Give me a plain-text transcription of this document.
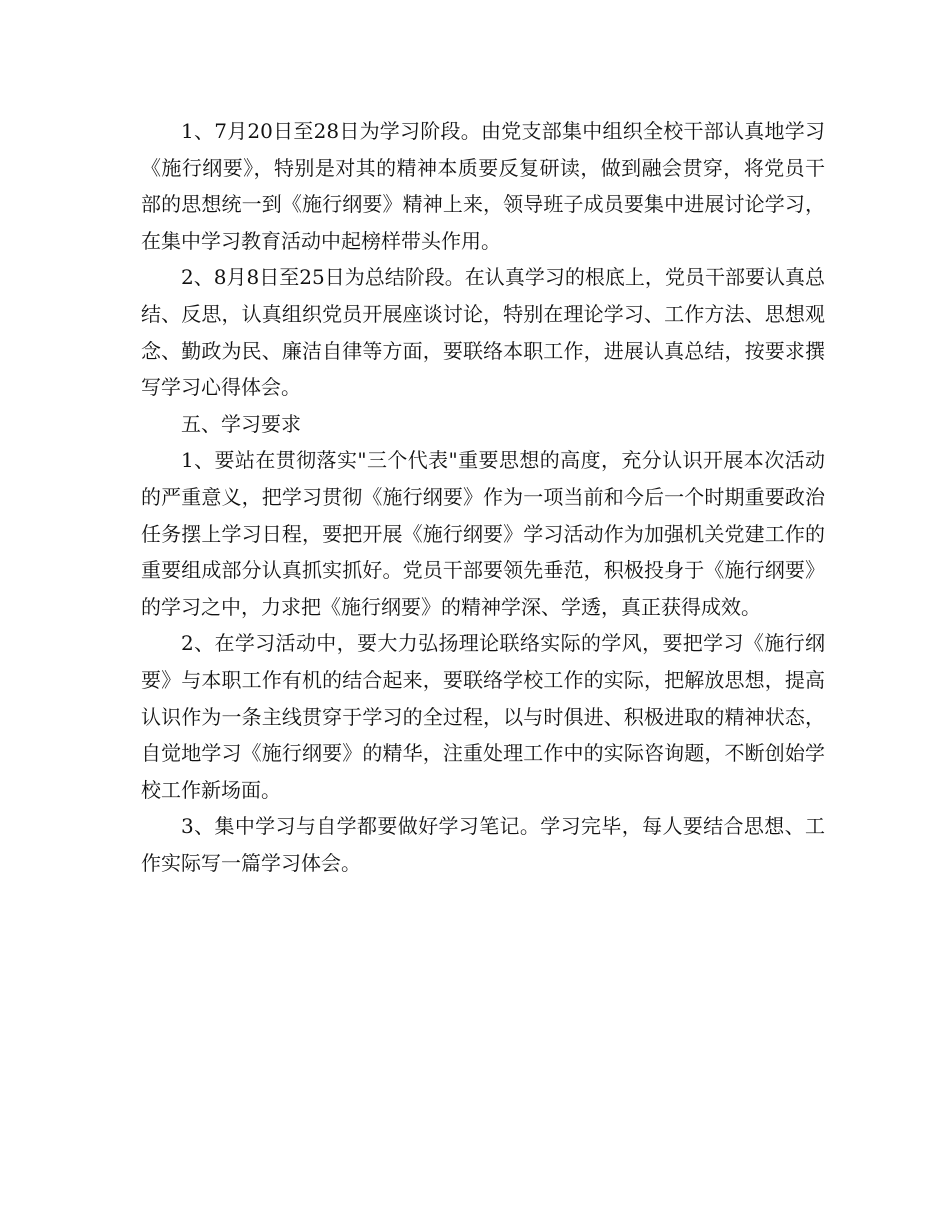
1、7月20日至28日为学习阶段。由党支部集中组织全校干部认真地学习《施行纲要》，特别是对其的精神本质要反复研读，做到融会贯穿，将党员干部的思想统一到《施行纲要》精神上来，领导班子成员要集中进展讨论学习，在集中学习教育活动中起榜样带头作用。

2、8月8日至25日为总结阶段。在认真学习的根底上，党员干部要认真总结、反思，认真组织党员开展座谈讨论，特别在理论学习、工作方法、思想观念、勤政为民、廉洁自律等方面，要联络本职工作，进展认真总结，按要求撰写学习心得体会。

五、学习要求

1、要站在贯彻落实"三个代表"重要思想的高度，充分认识开展本次活动的严重意义，把学习贯彻《施行纲要》作为一项当前和今后一个时期重要政治任务摆上学习日程，要把开展《施行纲要》学习活动作为加强机关党建工作的重要组成部分认真抓实抓好。党员干部要领先垂范，积极投身于《施行纲要》的学习之中，力求把《施行纲要》的精神学深、学透，真正获得成效。

2、在学习活动中，要大力弘扬理论联络实际的学风，要把学习《施行纲要》与本职工作有机的结合起来，要联络学校工作的实际，把解放思想，提高认识作为一条主线贯穿于学习的全过程，以与时俱进、积极进取的精神状态，自觉地学习《施行纲要》的精华，注重处理工作中的实际咨询题，不断创始学校工作新场面。

3、集中学习与自学都要做好学习笔记。学习完毕，每人要结合思想、工作实际写一篇学习体会。
